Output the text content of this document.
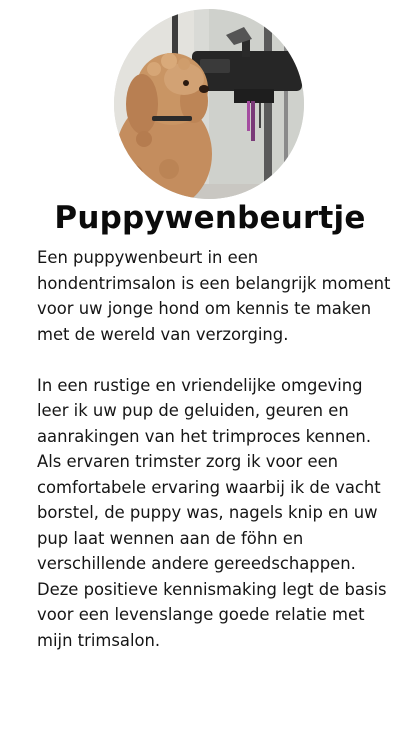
Puppywenbeurtje

Een puppywenbeurt in een hondentrimsalon is een belangrijk moment voor uw jonge hond om kennis te maken met de wereld van verzorging.

In een rustige en vriendelijke omgeving leer ik uw pup de geluiden, geuren en aanrakingen van het trimproces kennen. Als ervaren trimster zorg ik voor een comfortabele ervaring waarbij ik de vacht borstel, de puppy was, nagels knip en uw pup laat wennen aan de föhn en verschillende andere gereedschappen. Deze positieve kennismaking legt de basis voor een levenslange goede relatie met mijn trimsalon.
